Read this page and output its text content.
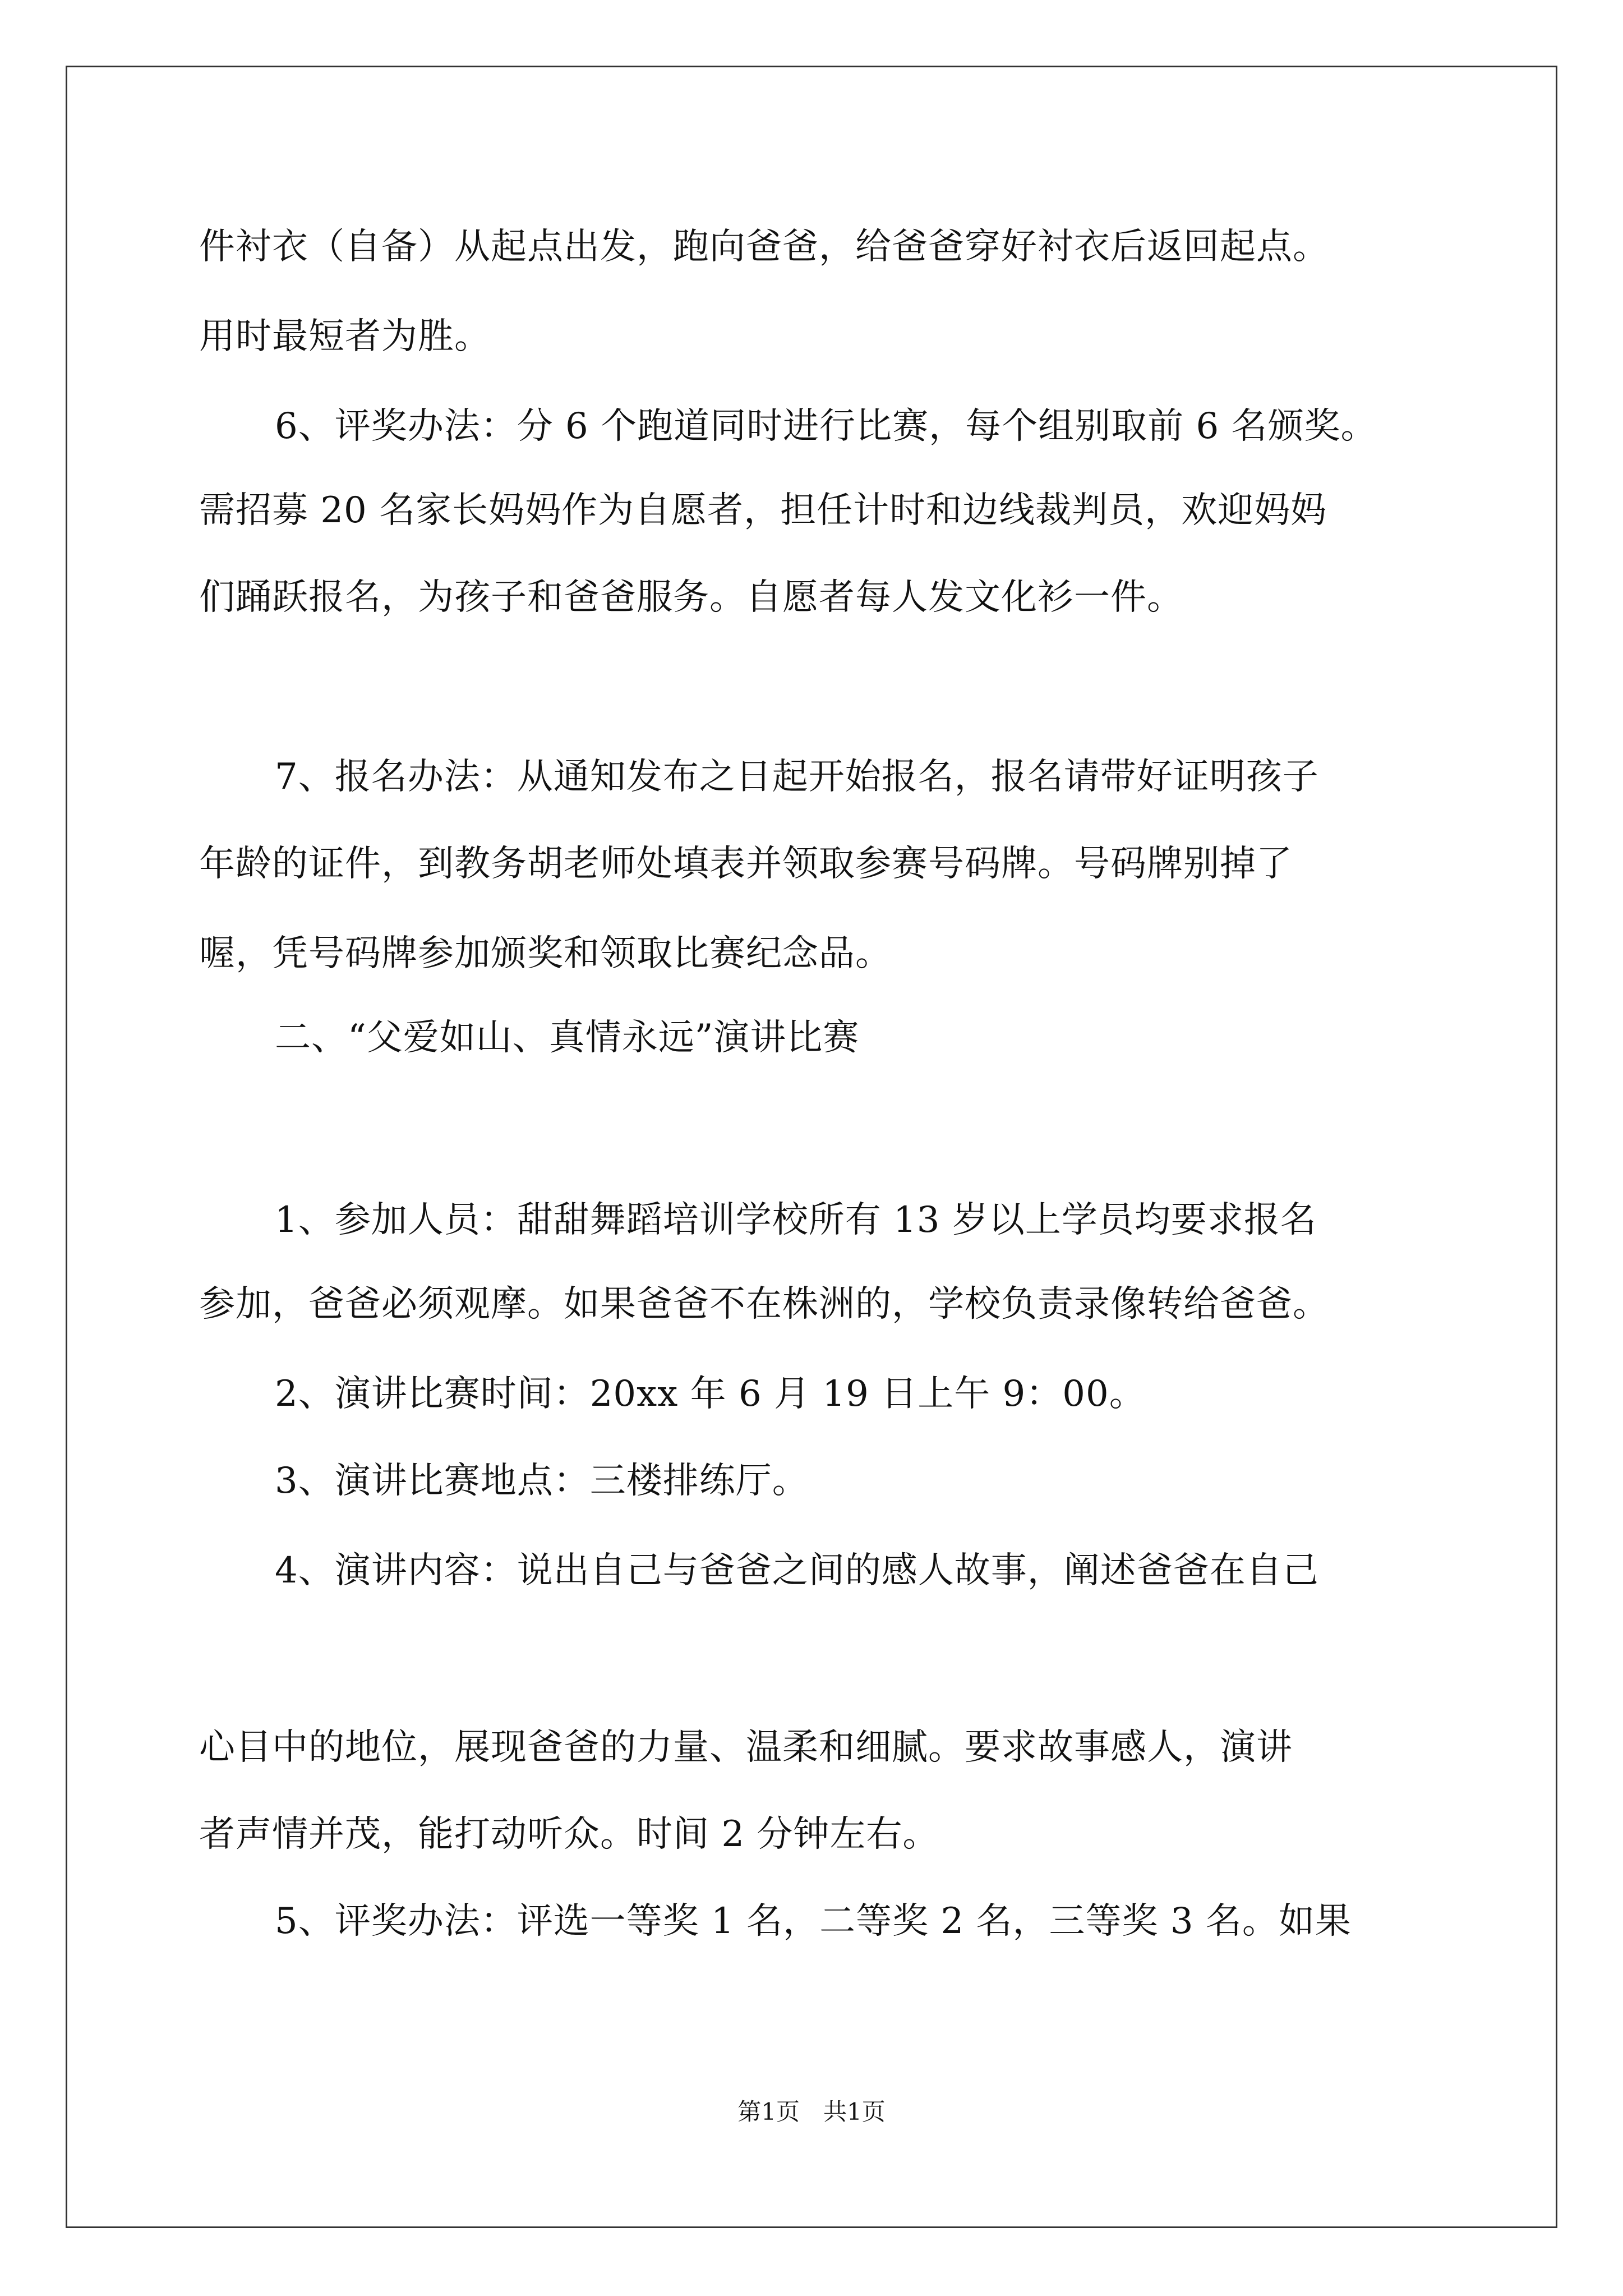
件衬衣（自备）从起点出发，跑向爸爸，给爸爸穿好衬衣后返回起点。
用时最短者为胜。
6、评奖办法：分 6 个跑道同时进行比赛，每个组别取前 6 名颁奖。
需招募 20 名家长妈妈作为自愿者，担任计时和边线裁判员，欢迎妈妈
们踊跃报名，为孩子和爸爸服务。自愿者每人发文化衫一件。
7、报名办法：从通知发布之日起开始报名，报名请带好证明孩子
年龄的证件，到教务胡老师处填表并领取参赛号码牌。号码牌别掉了
喔，凭号码牌参加颁奖和领取比赛纪念品。
二、“父爱如山、真情永远”演讲比赛
1、参加人员：甜甜舞蹈培训学校所有 13 岁以上学员均要求报名
参加，爸爸必须观摩。如果爸爸不在株洲的，学校负责录像转给爸爸。
2、演讲比赛时间：20xx 年 6 月 19 日上午 9：00。
3、演讲比赛地点：三楼排练厅。
4、演讲内容：说出自己与爸爸之间的感人故事，阐述爸爸在自己
心目中的地位，展现爸爸的力量、温柔和细腻。要求故事感人，演讲
者声情并茂，能打动听众。时间 2 分钟左右。
5、评奖办法：评选一等奖 1 名，二等奖 2 名，三等奖 3 名。如果
第1页　共1页
